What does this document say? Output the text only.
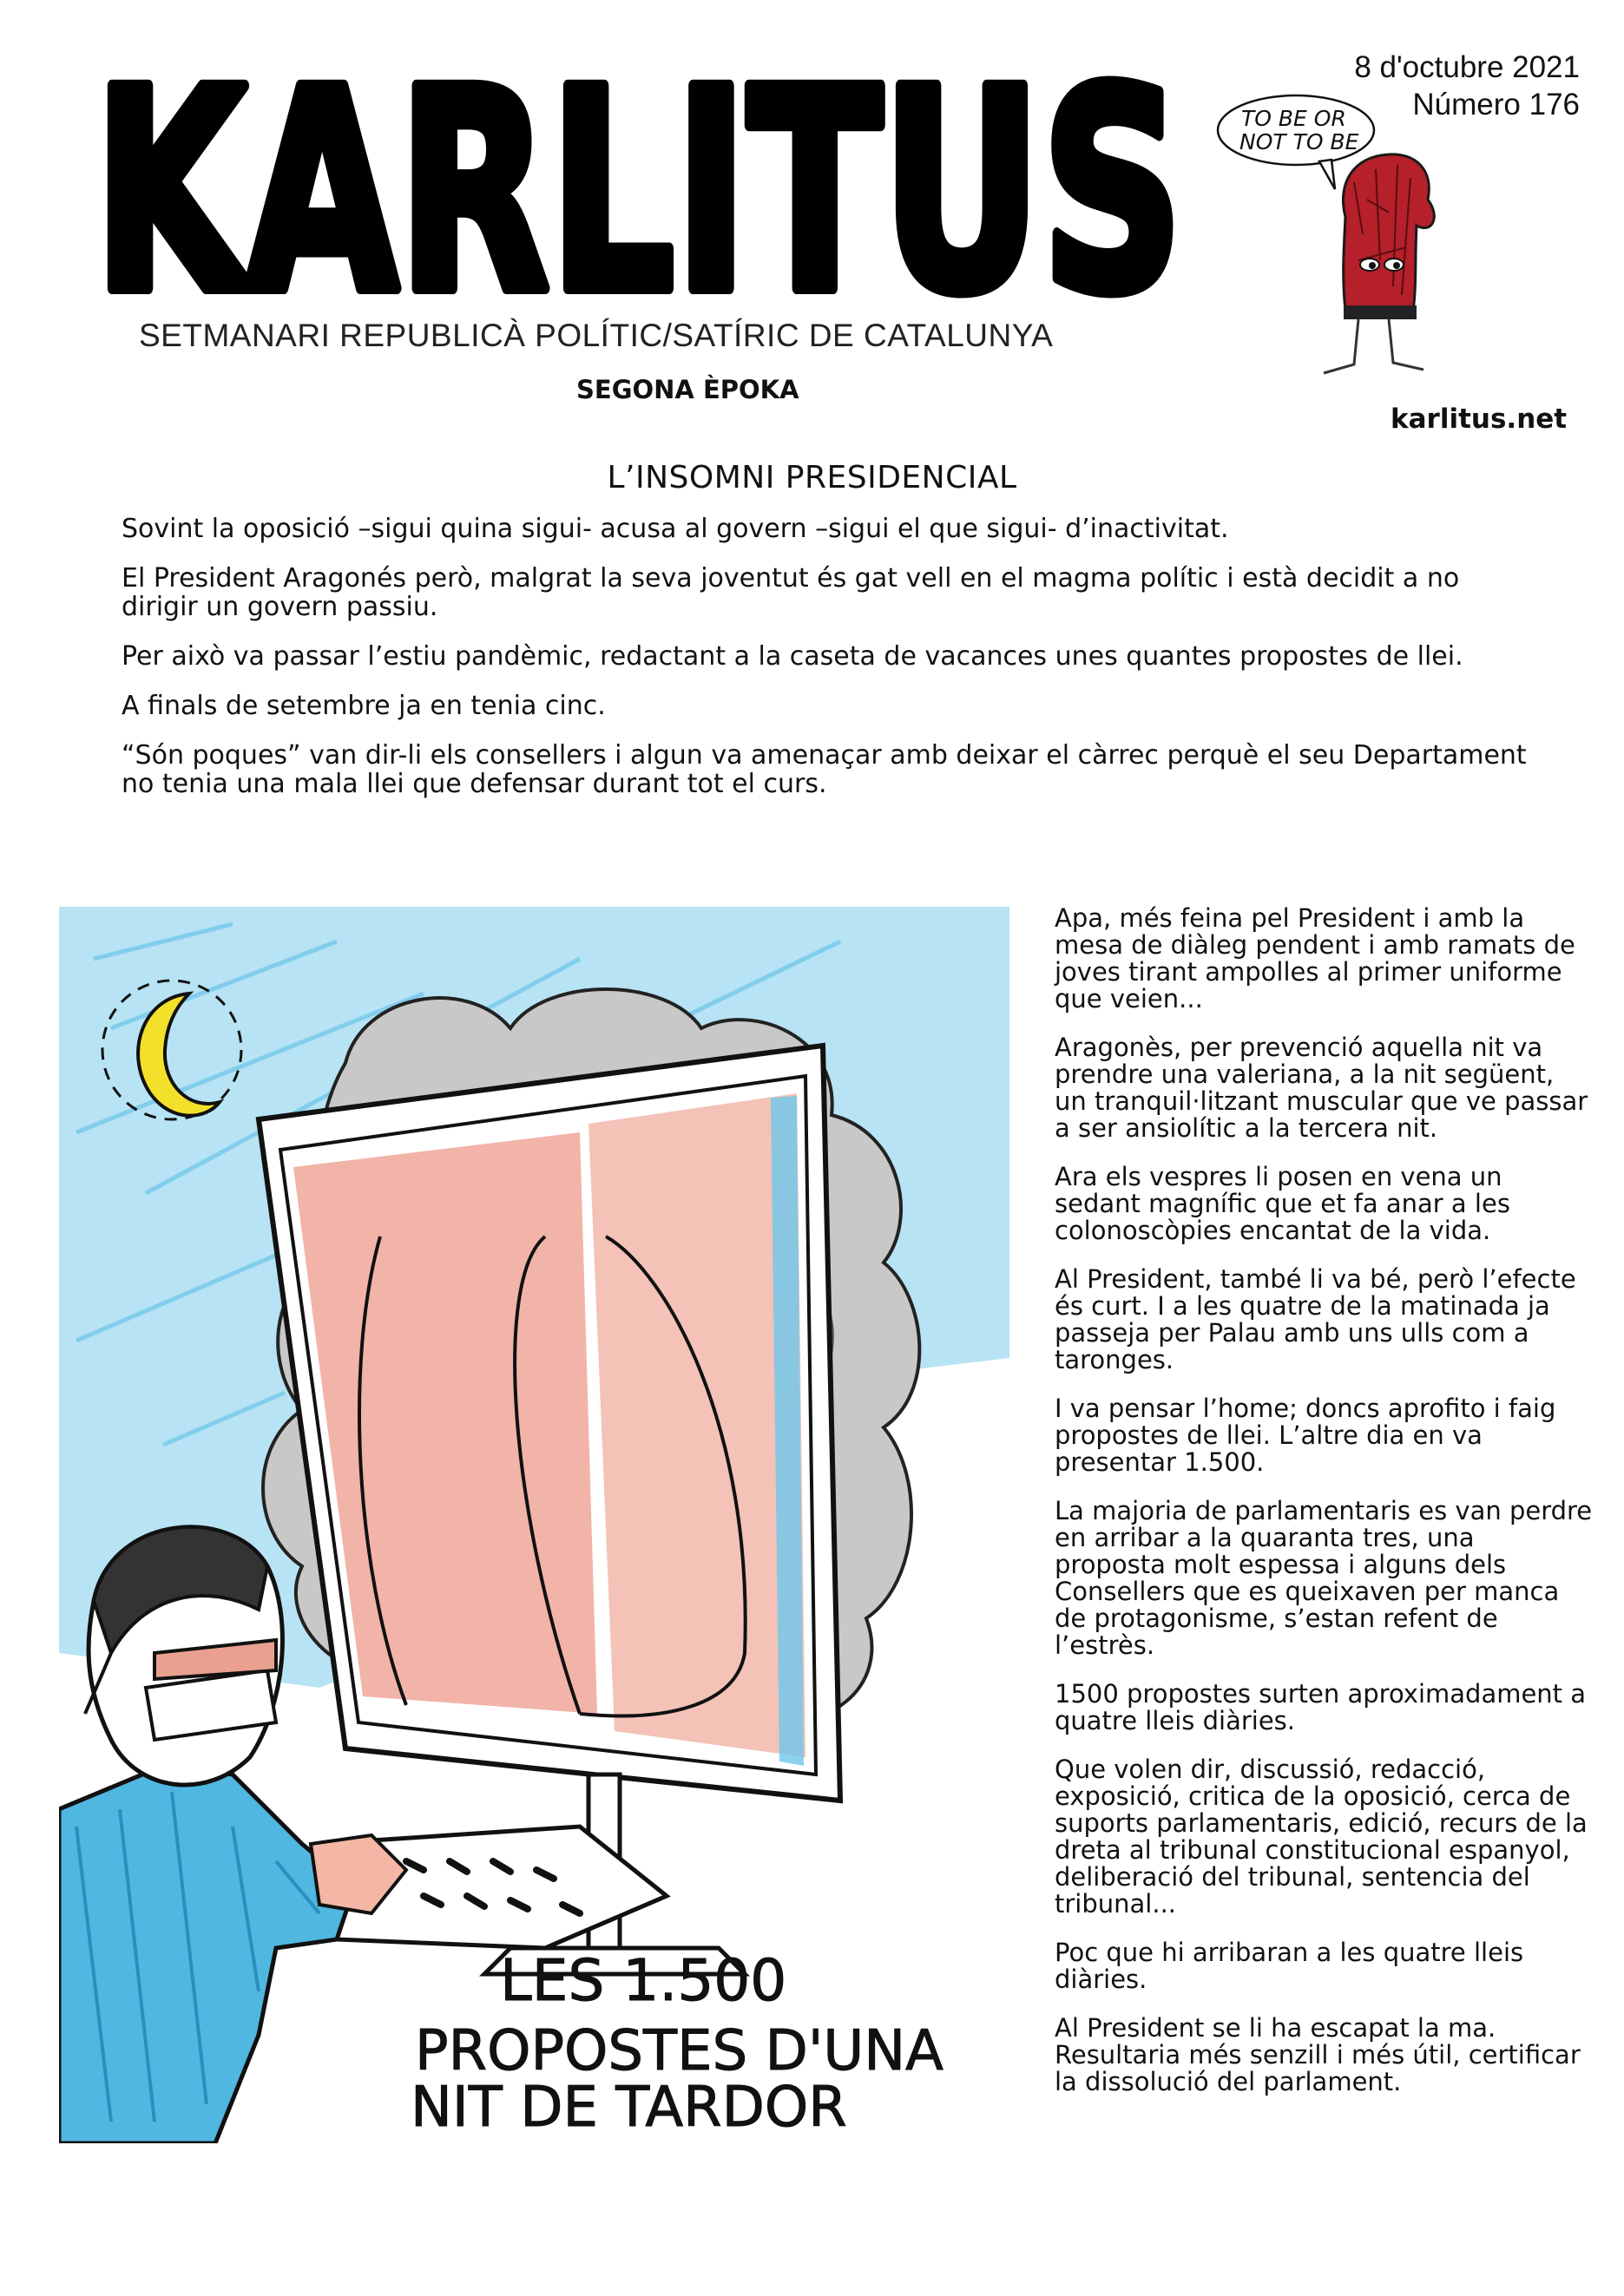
KARLITUS
SETMANARI REPUBLICÀ POLÍTIC/SATÍRIC DE CATALUNYA
SEGONA ÈPOKA
8 d'octubre 2021
Número 176
TO BE OR
NOT TO BE
karlitus.net
L’INSOMNI PRESIDENCIAL

Sovint la oposició –sigui quina sigui- acusa al govern –sigui el que sigui- d’inactivitat.

El President Aragonés però, malgrat la seva joventut és gat vell en el magma polític i està decidit a no dirigir un govern passiu.

Per això va passar l’estiu pandèmic, redactant a la caseta de vacances unes quantes propostes de llei.

A finals de setembre ja en tenia cinc.

“Són poques” van dir-li els consellers i algun va amenaçar amb deixar el càrrec perquè el seu Departament no tenia una mala llei que defensar durant tot el curs.

LES 1.500
PROPOSTES D'UNA
NIT DE TARDOR

Apa, més feina pel President i amb la mesa de diàleg pendent i amb ramats de joves tirant ampolles al primer uniforme que veien...

Aragonès, per prevenció aquella nit va prendre una valeriana, a la nit següent, un tranquil·litzant muscular que ve passar a ser ansiolític a la tercera nit.

Ara els vespres li posen en vena un sedant magnífic que et fa anar a les colonoscòpies encantat de la vida.

Al President, també li va bé, però l’efecte és curt. I a les quatre de la matinada ja passeja per Palau amb uns ulls com a taronges.

I va pensar l’home; doncs aprofito i faig propostes de llei. L’altre dia en va presentar 1.500.

La majoria de parlamentaris es van perdre en arribar a la quaranta tres, una proposta molt espessa i alguns dels Consellers que es queixaven per manca de protagonisme, s’estan refent de l’estrès.

1500 propostes surten aproximadament a quatre lleis diàries.

Que volen dir, discussió, redacció, exposició, critica de la oposició, cerca de suports parlamentaris, edició, recurs de la dreta al tribunal constitucional espanyol, deliberació del tribunal, sentencia del tribunal...

Poc que hi arribaran a les quatre lleis diàries.

Al President se li ha escapat la ma. Resultaria més senzill i més útil, certificar la dissolució del parlament.
